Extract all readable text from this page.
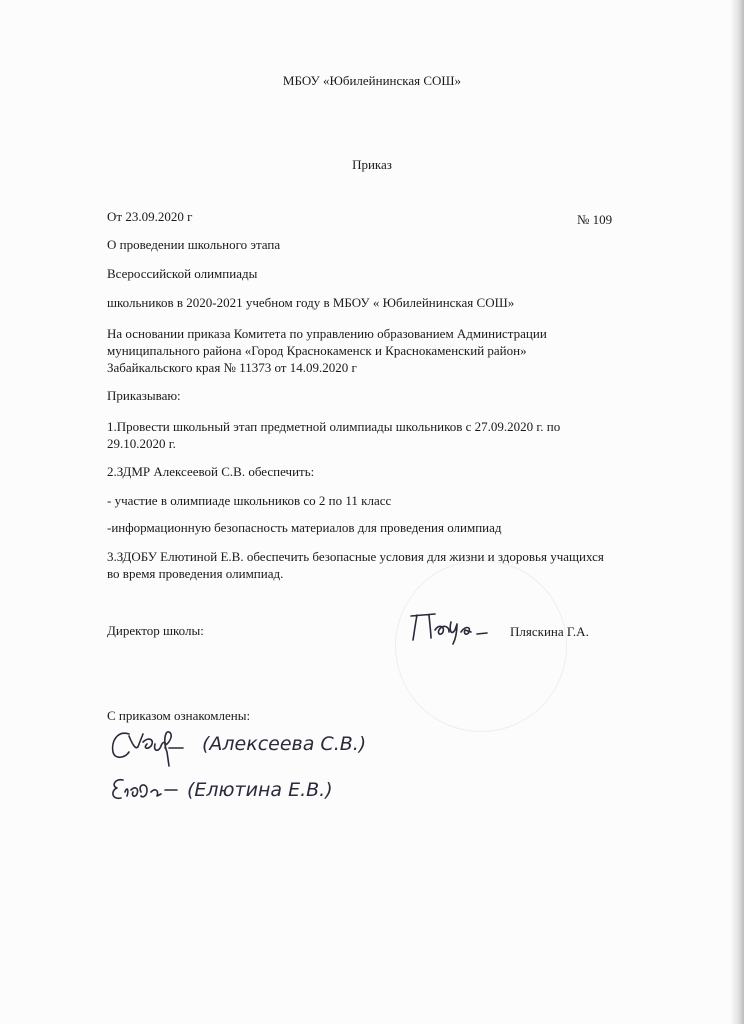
МБОУ «Юбилейнинская СОШ»
Приказ
От 23.09.2020 г	№ 109
О проведении школьного этапа
Всероссийской олимпиады
школьников в 2020-2021 учебном году в МБОУ « Юбилейнинская СОШ»
На основании приказа Комитета по управлению образованием Администрации
муниципального района «Город Краснокаменск и Краснокаменский район»
Забайкальского края № 11373 от 14.09.2020 г
Приказываю:
1.Провести школьный этап предметной олимпиады школьников с 27.09.2020 г. по
29.10.2020 г.
2.ЗДМР Алексеевой С.В. обеспечить:
- участие в олимпиаде школьников со 2 по 11 класс
-информационную безопасность материалов для проведения олимпиад
3.ЗДОБУ Елютиной Е.В. обеспечить безопасные условия для жизни и здоровья учащихся
во время проведения олимпиад.
Директор школы:	Пляскина Г.А.
С приказом ознакомлены:
(Алексеева С.В.)
(Елютина Е.В.)
